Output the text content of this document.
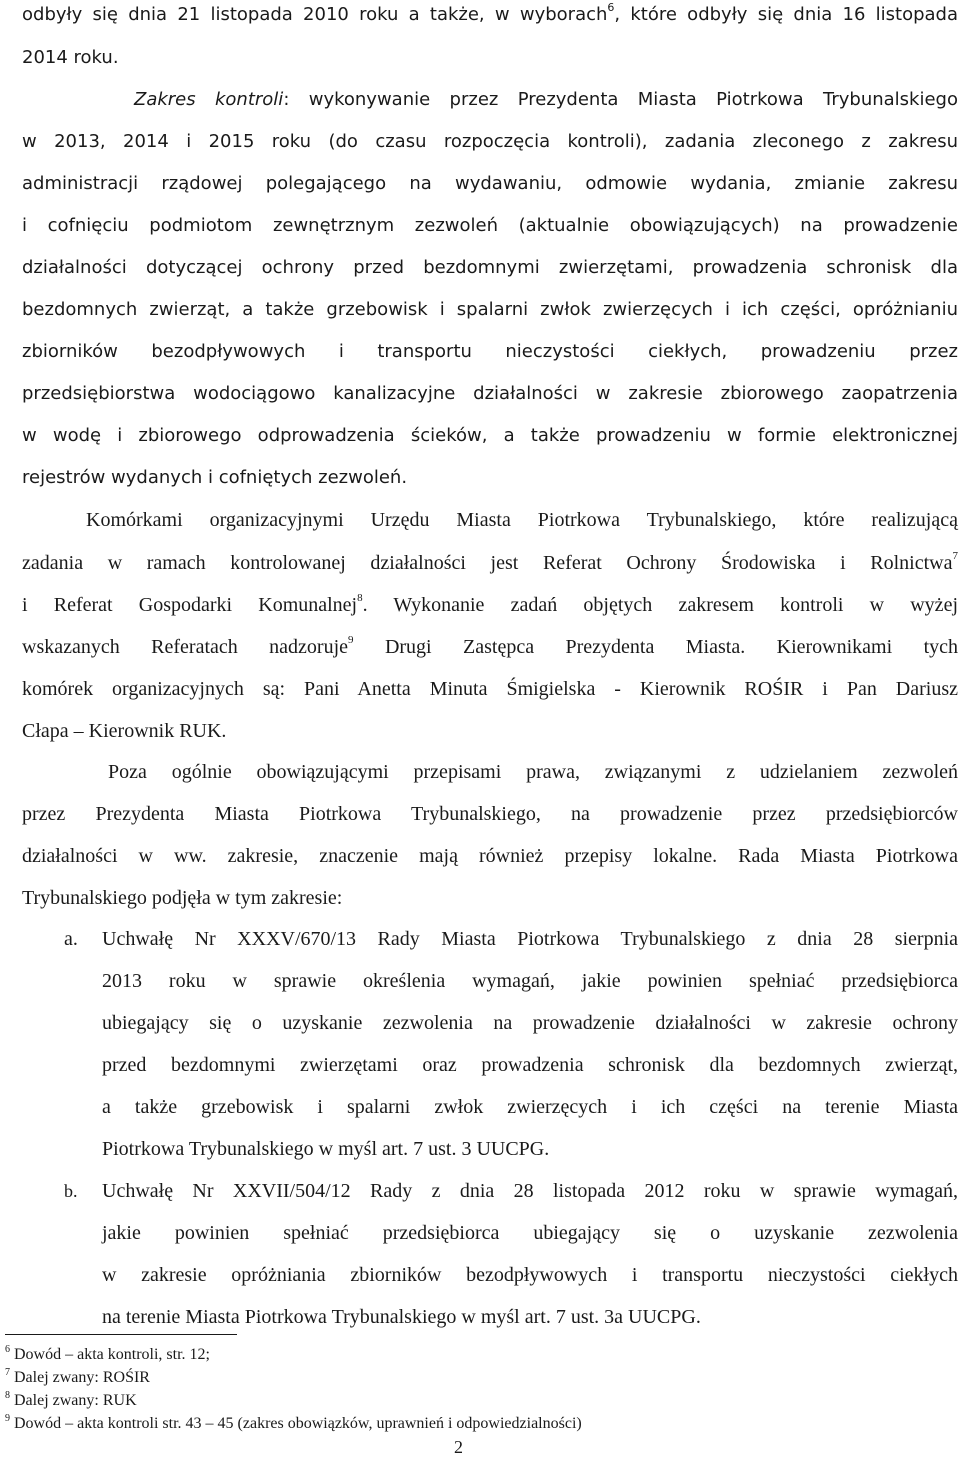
odbyły się dnia 21 listopada 2010 roku a także, w wyborach$^6$, które odbyły się dnia 16 listopada
2014 roku.
Zakres kontroli: wykonywanie przez Prezydenta Miasta Piotrkowa Trybunalskiego
w 2013, 2014 i 2015 roku (do czasu rozpoczęcia kontroli), zadania zleconego z zakresu
administracji rządowej polegającego na wydawaniu, odmowie wydania, zmianie zakresu
i cofnięciu podmiotom zewnętrznym zezwoleń (aktualnie obowiązujących) na prowadzenie
działalności dotyczącej ochrony przed bezdomnymi zwierzętami, prowadzenia schronisk dla
bezdomnych zwierząt, a także grzebowisk i spalarni zwłok zwierzęcych i ich części, opróżnianiu
zbiorników bezodpływowych i transportu nieczystości ciekłych, prowadzeniu przez
przedsiębiorstwa wodociągowo kanalizacyjne działalności w zakresie zbiorowego zaopatrzenia
w wodę i zbiorowego odprowadzenia ścieków, a także prowadzeniu w formie elektronicznej
rejestrów wydanych i cofniętych zezwoleń.
Komórkami organizacyjnymi Urzędu Miasta Piotrkowa Trybunalskiego, które realizującą
zadania w ramach kontrolowanej działalności jest Referat Ochrony Środowiska i Rolnictwa$^7$
i Referat Gospodarki Komunalnej$^8$. Wykonanie zadań objętych zakresem kontroli w wyżej
wskazanych Referatach nadzoruje$^9$ Drugi Zastępca Prezydenta Miasta. Kierownikami tych
komórek organizacyjnych są: Pani Anetta Minuta Śmigielska - Kierownik ROŚIR i Pan Dariusz
Cłapa – Kierownik RUK.
Poza ogólnie obowiązującymi przepisami prawa, związanymi z udzielaniem zezwoleń
przez Prezydenta Miasta Piotrkowa Trybunalskiego, na prowadzenie przez przedsiębiorców
działalności w ww. zakresie, znaczenie mają również przepisy lokalne. Rada Miasta Piotrkowa
Trybunalskiego podjęła w tym zakresie:
a. Uchwałę Nr XXXV/670/13 Rady Miasta Piotrkowa Trybunalskiego z dnia 28 sierpnia
2013 roku w sprawie określenia wymagań, jakie powinien spełniać przedsiębiorca
ubiegający się o uzyskanie zezwolenia na prowadzenie działalności w zakresie ochrony
przed bezdomnymi zwierzętami oraz prowadzenia schronisk dla bezdomnych zwierząt,
a także grzebowisk i spalarni zwłok zwierzęcych i ich części na terenie Miasta
Piotrkowa Trybunalskiego w myśl art. 7 ust. 3 UUCPG.
b. Uchwałę Nr XXVII/504/12 Rady z dnia 28 listopada 2012 roku w sprawie wymagań,
jakie powinien spełniać przedsiębiorca ubiegający się o uzyskanie zezwolenia
w zakresie opróżniania zbiorników bezodpływowych i transportu nieczystości ciekłych
na terenie Miasta Piotrkowa Trybunalskiego w myśl art. 7 ust. 3a UUCPG.
$^6$ Dowód – akta kontroli, str. 12;
$^7$ Dalej zwany: ROŚIR
$^8$ Dalej zwany: RUK
$^9$ Dowód – akta kontroli str. 43 – 45 (zakres obowiązków, uprawnień i odpowiedzialności)
2
